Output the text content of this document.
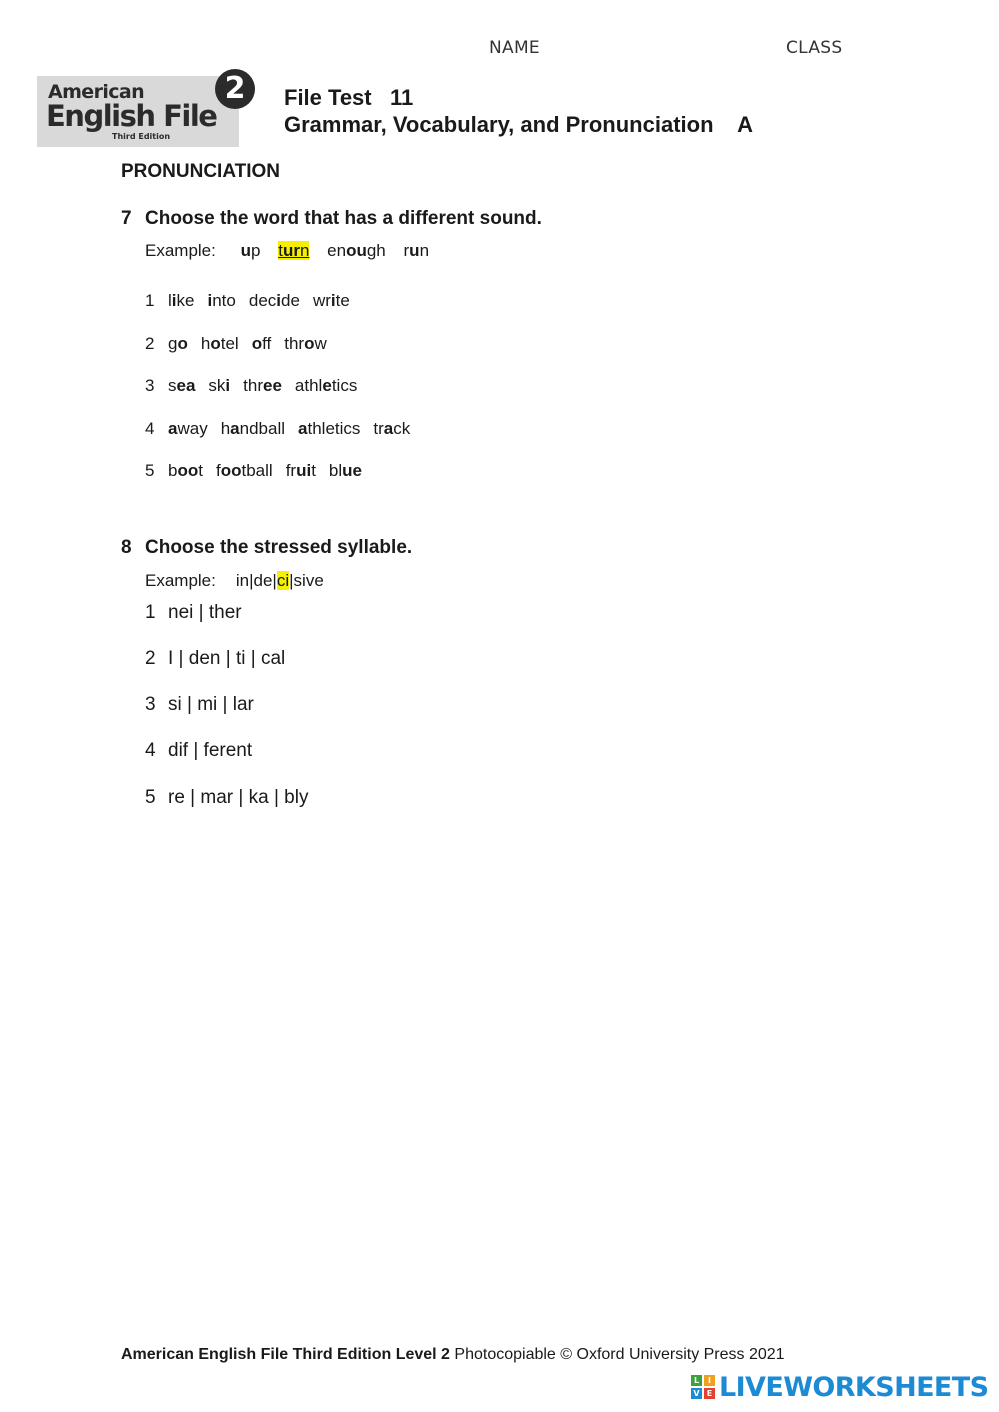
NAME	CLASS
American
English File
Third Edition
2	File Test   11
Grammar, Vocabulary, and Pronunciation    A
PRONUNCIATION
7 Choose the word that has a different sound.
Example: up turn enough run
1 like into decide write
2 go hotel off throw
3 sea ski three athletics
4 away handball athletics track
5 boot football fruit blue
8 Choose the stressed syllable.
Example: in|de|ci|sive
1 nei | ther
2 I | den | ti | cal
3 si | mi | lar
4 dif | ferent
5 re | mar | ka | bly
American English File Third Edition Level 2 Photocopiable © Oxford University Press 2021
L	I
V E LIVEWORKSHEETS
